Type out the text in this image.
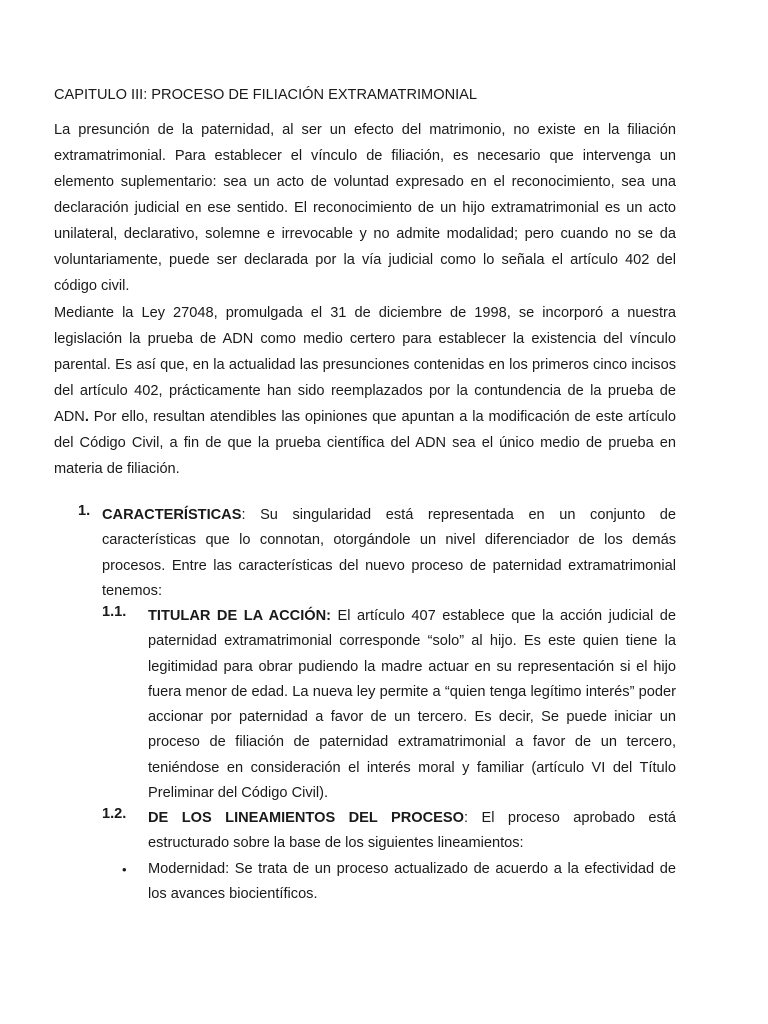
CAPITULO III: PROCESO DE FILIACIÓN EXTRAMATRIMONIAL

La presunción de la paternidad, al ser un efecto del matrimonio, no existe en la filiación extramatrimonial. Para establecer el vínculo de filiación, es necesario que intervenga un elemento suplementario: sea un acto de voluntad expresado en el reconocimiento, sea una declaración judicial en ese sentido. El reconocimiento de un hijo extramatrimonial es un acto unilateral, declarativo, solemne e irrevocable y no admite modalidad; pero cuando no se da voluntariamente, puede ser declarada por la vía judicial como lo señala el artículo 402 del código civil.

Mediante la Ley 27048, promulgada el 31 de diciembre de 1998, se incorporó a nuestra legislación la prueba de ADN como medio certero para establecer la existencia del vínculo parental. Es así que, en la actualidad las presunciones contenidas en los primeros cinco incisos del artículo 402, prácticamente han sido reemplazados por la contundencia de la prueba de ADN. Por ello, resultan atendibles las opiniones que apuntan a la modificación de este artículo del Código Civil, a fin de que la prueba científica del ADN sea el único medio de prueba en materia de filiación.

1. CARACTERÍSTICAS: Su singularidad está representada en un conjunto de características que lo connotan, otorgándole un nivel diferenciador de los demás procesos. Entre las características del nuevo proceso de paternidad extramatrimonial tenemos:

1.1. TITULAR DE LA ACCIÓN: El artículo 407 establece que la acción judicial de paternidad extramatrimonial corresponde “solo” al hijo. Es este quien tiene la legitimidad para obrar pudiendo la madre actuar en su representación si el hijo fuera menor de edad. La nueva ley permite a “quien tenga legítimo interés” poder accionar por paternidad a favor de un tercero. Es decir, Se puede iniciar un proceso de filiación de paternidad extramatrimonial a favor de un tercero, teniéndose en consideración el interés moral y familiar (artículo VI del Título Preliminar del Código Civil).

1.2. DE LOS LINEAMIENTOS DEL PROCESO: El proceso aprobado está estructurado sobre la base de los siguientes lineamientos:

• Modernidad: Se trata de un proceso actualizado de acuerdo a la efectividad de los avances biocientíficos.
